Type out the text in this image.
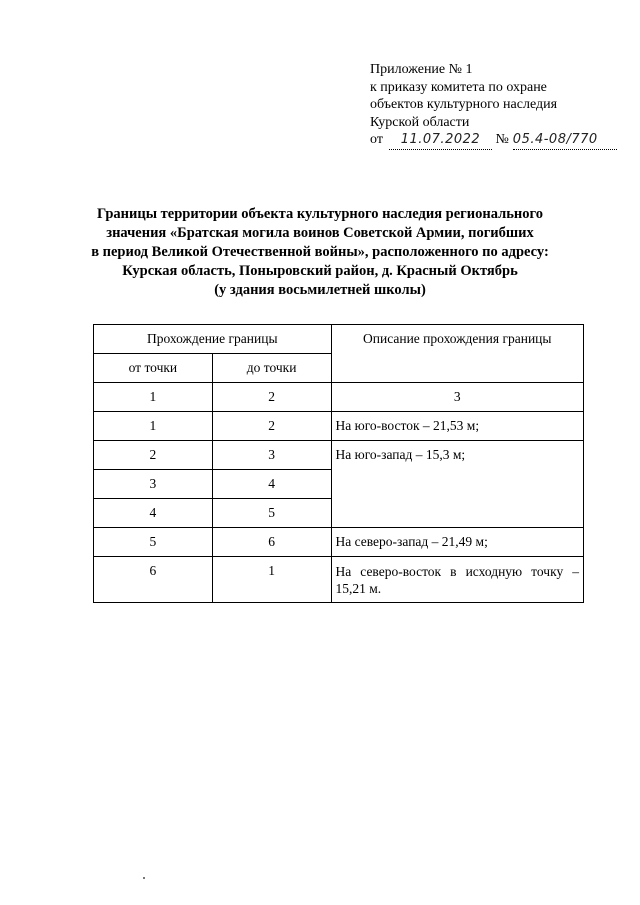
Приложение № 1
к приказу комитета по охране
объектов культурного наследия
Курской области
от 11.07.2022 № 05.4-08/770
Границы территории объекта культурного наследия регионального
значения «Братская могила воинов Советской Армии, погибших
в период Великой Отечественной войны», расположенного по адресу:
Курская область, Поныровский район, д. Красный Октябрь
(у здания восьмилетней школы)
Прохождение границы		Описание прохождения границы
от точки	до точки	
1	2	3
1	2	На юго-восток – 21,53 м;
2	3	На юго-запад – 15,3 м;
3	4	
4	5	
5	6	На северо-запад – 21,49 м;
6	1	На северо-восток в исходную точку – 15,21 м.
